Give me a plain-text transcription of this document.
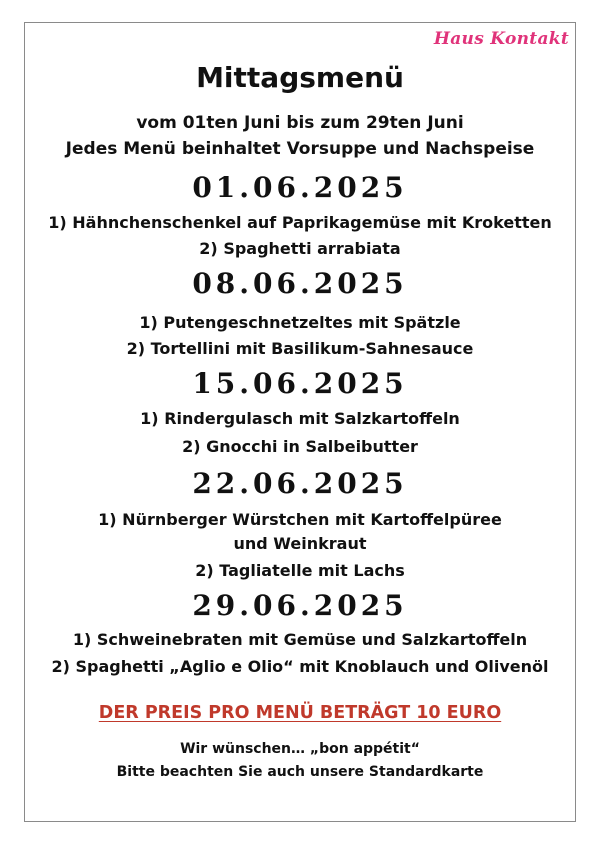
Haus Kontakt
Mittagsmenü
vom 01ten Juni bis zum 29ten Juni
Jedes Menü beinhaltet Vorsuppe und Nachspeise
01.06.2025
1) Hähnchenschenkel auf Paprikagemüse mit Kroketten
2) Spaghetti arrabiata
08.06.2025
1) Putengeschnetzeltes mit Spätzle
2) Tortellini mit Basilikum-Sahnesauce
15.06.2025
1) Rindergulasch mit Salzkartoffeln
2) Gnocchi in Salbeibutter
22.06.2025
1) Nürnberger Würstchen mit Kartoffelpüree
und Weinkraut
2) Tagliatelle mit Lachs
29.06.2025
1) Schweinebraten mit Gemüse und Salzkartoffeln
2) Spaghetti „Aglio e Olio“ mit Knoblauch und Olivenöl
DER PREIS PRO MENÜ BETRÄGT 10 EURO
Wir wünschen… „bon appétit“
Bitte beachten Sie auch unsere Standardkarte
